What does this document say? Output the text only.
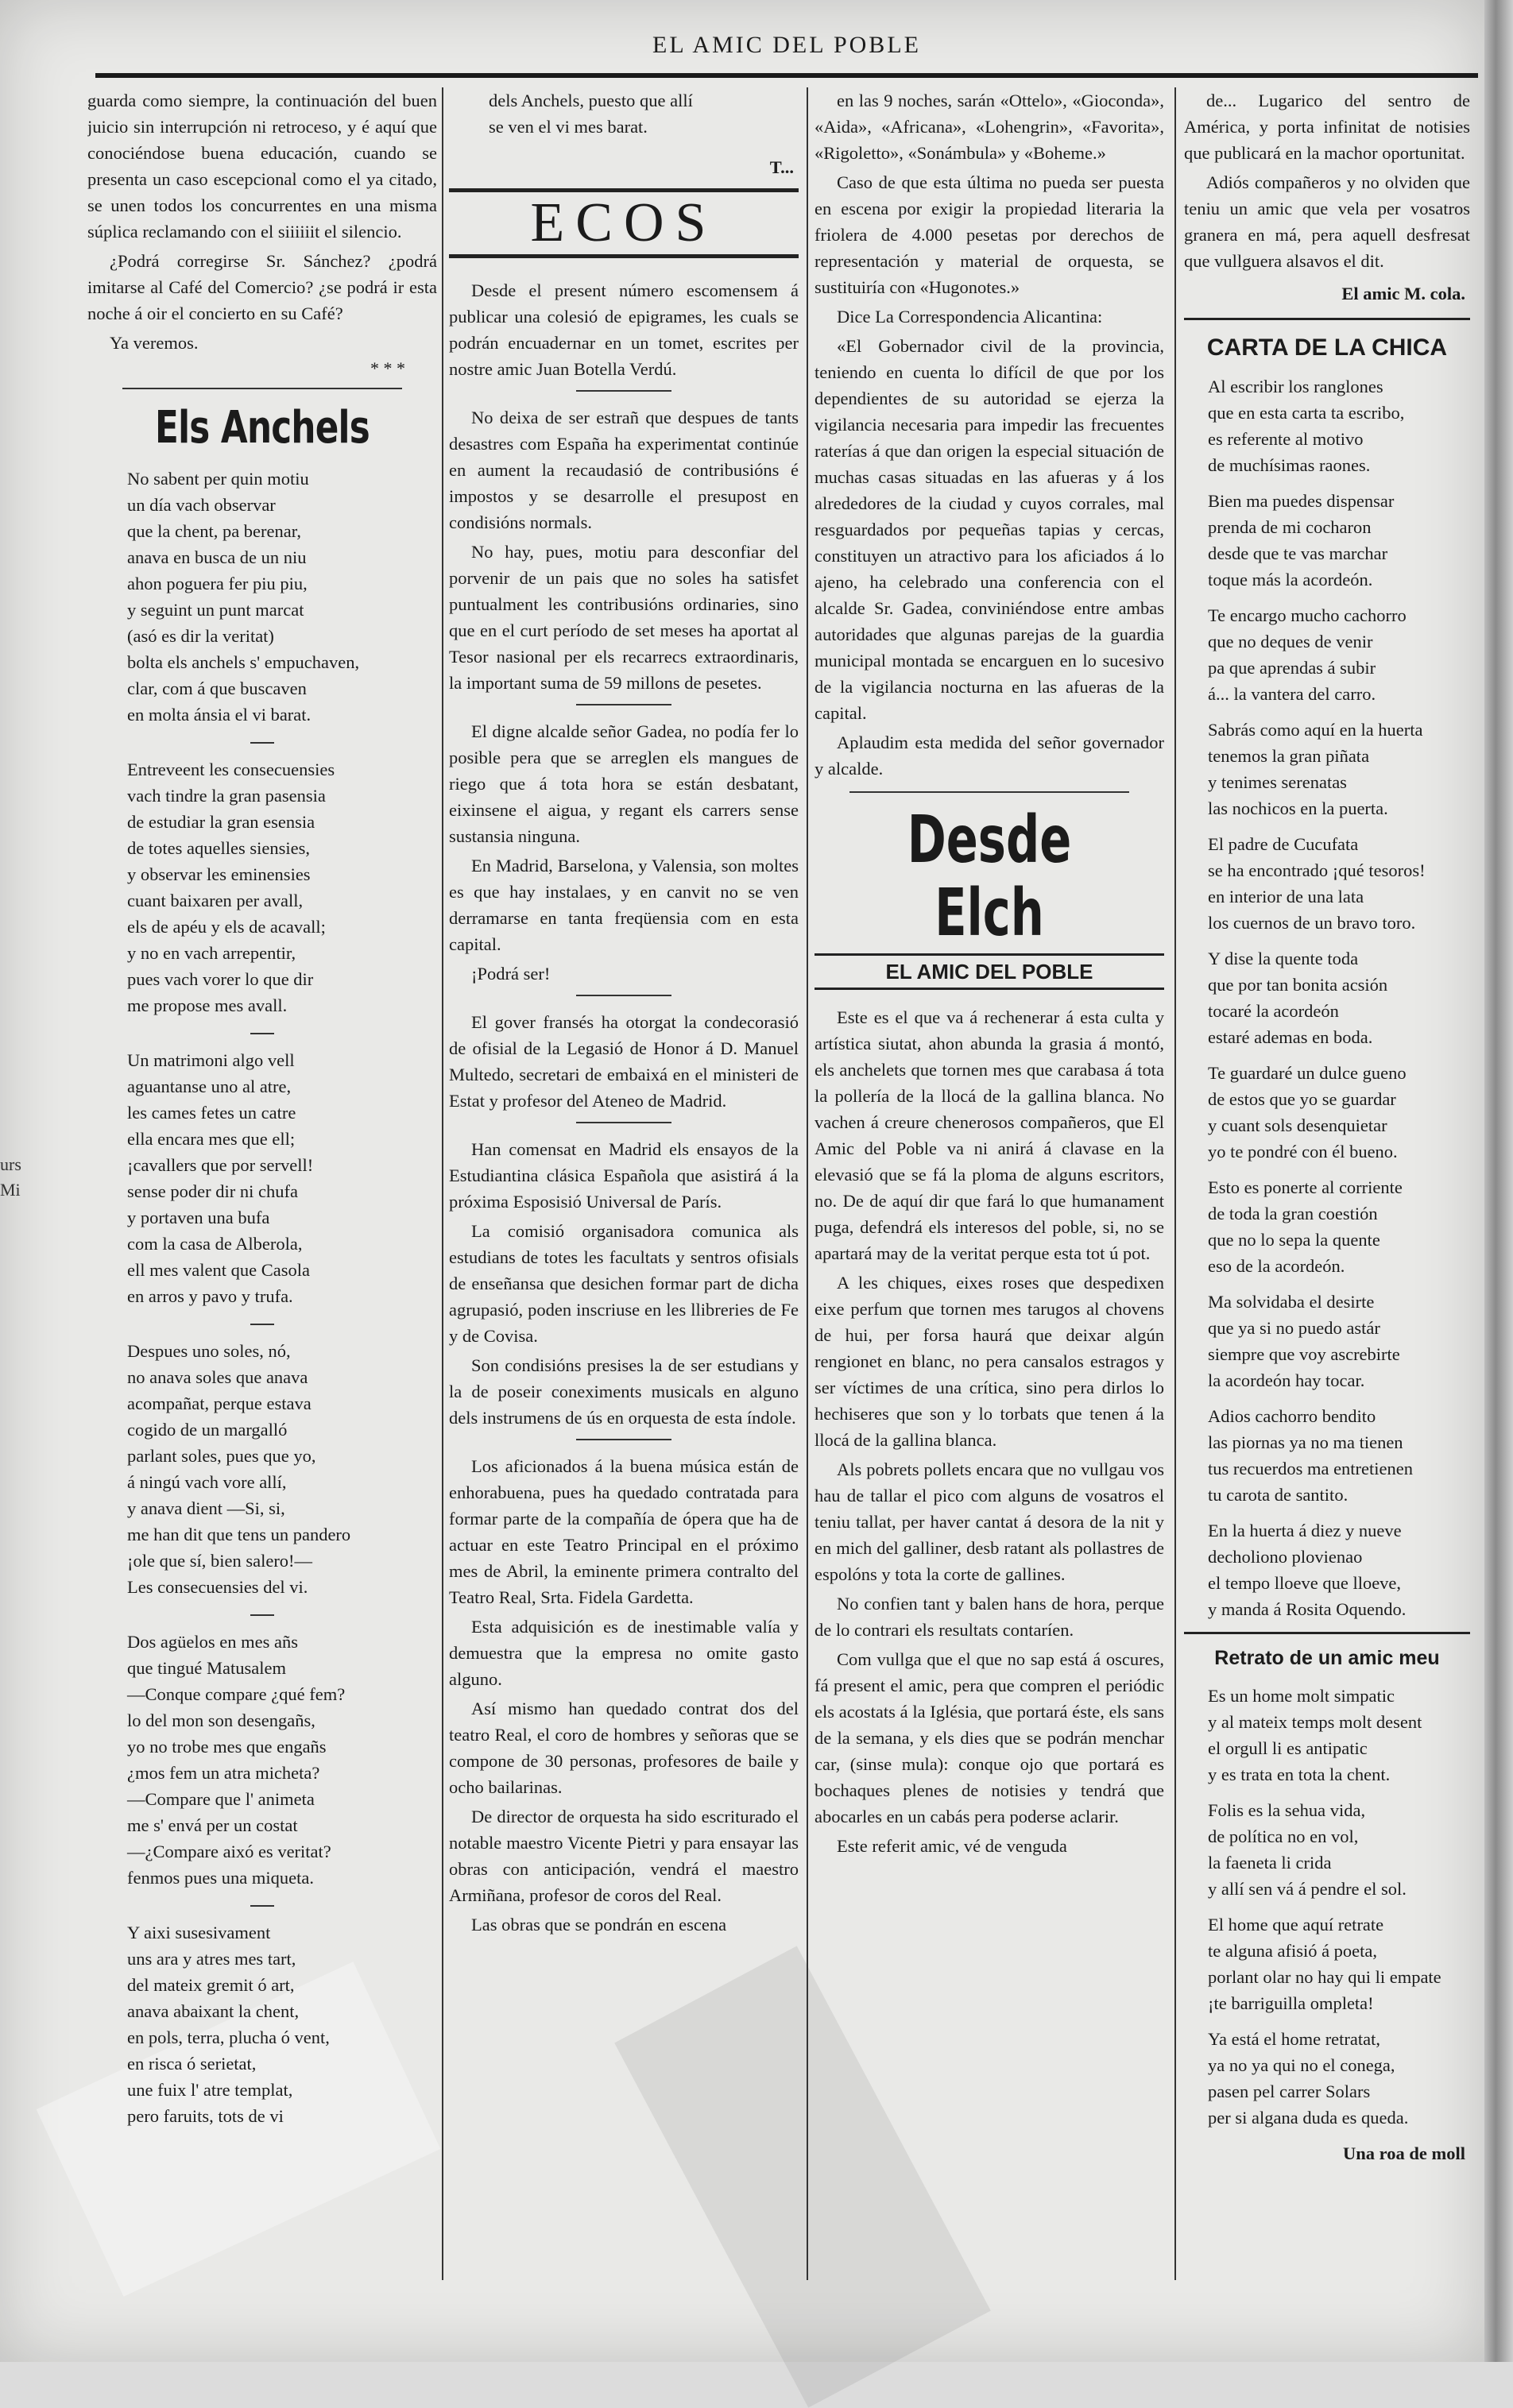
urs
Mi
EL AMIC DEL POBLE

guarda como siempre, la continuación del buen juicio sin interrupción ni retroceso, y é aquí que conociéndose buena educación, cuando se presenta un caso escepcional como el ya citado, se unen todos los concurrentes en una misma súplica reclamando con el siiiiiit el silencio.

¿Podrá corregirse Sr. Sánchez? ¿podrá imitarse al Café del Comercio? ¿se podrá ir esta noche á oir el concierto en su Café?

Ya veremos.

* * *
Els Anchels
No sabent per quin motiu
un día vach observar
que la chent, pa berenar,
anava en busca de un niu
ahon poguera fer piu piu,
y seguint un punt marcat
(asó es dir la veritat)
bolta els anchels s' empuchaven,
clar, com á que buscaven
en molta ánsia el vi barat.
Entreveent les consecuensies
vach tindre la gran pasensia
de estudiar la gran esensia
de totes aquelles siensies,
y observar les eminensies
cuant baixaren per avall,
els de apéu y els de acavall;
y no en vach arrepentir,
pues vach vorer lo que dir
me propose mes avall.
Un matrimoni algo vell
aguantanse uno al atre,
les cames fetes un catre
ella encara mes que ell;
¡cavallers que por servell!
sense poder dir ni chufa
y portaven una bufa
com la casa de Alberola,
ell mes valent que Casola
en arros y pavo y trufa.
Despues uno soles, nó,
no anava soles que anava
acompañat, perque estava
cogido de un margalló
parlant soles, pues que yo,
á ningú vach vore allí,
y anava dient —Si, si,
me han dit que tens un pandero
¡ole que sí, bien salero!—
Les consecuensies del vi.
Dos agüelos en mes añs
que tingué Matusalem
—Conque compare ¿qué fem?
lo del mon son desengañs,
yo no trobe mes que engañs
¿mos fem un atra micheta?
—Compare que l' animeta
me s' envá per un costat
—¿Compare aixó es veritat?
fenmos pues una miqueta.
Y aixi susesivament
uns ara y atres mes tart,
del mateix gremit ó art,
anava abaixant la chent,
en pols, terra, plucha ó vent,
en risca ó serietat,
une fuix l' atre templat,
pero faruits, tots de vi
dels Anchels, puesto que allí
se ven el vi mes barat.
T...
ECOS

Desde el present número escomensem á publicar una colesió de epigrames, les cuals se podrán encuadernar en un tomet, escrites per nostre amic Juan Botella Verdú.

No deixa de ser estrañ que despues de tants desastres com España ha experimentat continúe en aument la recaudasió de contribusións é impostos y se desarrolle el presupost en condisións normals.

No hay, pues, motiu para desconfiar del porvenir de un pais que no soles ha satisfet puntualment les contribusións ordinaries, sino que en el curt período de set meses ha aportat al Tesor nasional per els recarrecs extraordinaris, la important suma de 59 millons de pesetes.

El digne alcalde señor Gadea, no podía fer lo posible pera que se arreglen els mangues de riego que á tota hora se están desbatant, eixinsene el aigua, y regant els carrers sense sustansia ninguna.

En Madrid, Barselona, y Valensia, son moltes es que hay instalaes, y en canvit no se ven derramarse en tanta freqüensia com en esta capital.

¡Podrá ser!

El gover fransés ha otorgat la condecorasió de ofisial de la Legasió de Honor á D. Manuel Multedo, secretari de embaixá en el ministeri de Estat y profesor del Ateneo de Madrid.

Han comensat en Madrid els ensayos de la Estudiantina clásica Española que asistirá á la próxima Esposisió Universal de París.

La comisió organisadora comunica als estudians de totes les facultats y sentros ofisials de enseñansa que desichen formar part de dicha agrupasió, poden inscriuse en les llibreries de Fe y de Covisa.

Son condisións presises la de ser estudians y la de poseir coneximents musicals en alguno dels instrumens de ús en orquesta de esta índole.

Los aficionados á la buena música están de enhorabuena, pues ha quedado contratada para formar parte de la compañía de ópera que ha de actuar en este Teatro Principal en el próximo mes de Abril, la eminente primera contralto del Teatro Real, Srta. Fidela Gardetta.

Esta adquisición es de inestimable valía y demuestra que la empresa no omite gasto alguno.

Así mismo han quedado contrat dos del teatro Real, el coro de hombres y señoras que se compone de 30 personas, profesores de baile y ocho bailarinas.

De director de orquesta ha sido escriturado el notable maestro Vicente Pietri y para ensayar las obras con anticipación, vendrá el maestro Armiñana, profesor de coros del Real.

Las obras que se pondrán en escena

en las 9 noches, sarán «Ottelo», «Gioconda», «Aida», «Africana», «Lohengrin», «Favorita», «Rigoletto», «Sonámbula» y «Boheme.»

Caso de que esta última no pueda ser puesta en escena por exigir la propiedad literaria la friolera de 4.000 pesetas por derechos de representación y material de orquesta, se sustituiría con «Hugonotes.»

Dice La Correspondencia Alicantina:

«El Gobernador civil de la provincia, teniendo en cuenta lo difícil de que por los dependientes de su autoridad se ejerza la vigilancia necesaria para impedir las frecuentes raterías á que dan origen la especial situación de muchas casas situadas en las afueras y á los alrededores de la ciudad y cuyos corrales, mal resguardados por pequeñas tapias y cercas, constituyen un atractivo para los aficiados á lo ajeno, ha celebrado una conferencia con el alcalde Sr. Gadea, conviniéndose entre ambas autoridades que algunas parejas de la guardia municipal montada se encarguen en lo sucesivo de la vigilancia nocturna en las afueras de la capital.

Aplaudim esta medida del señor governador y alcalde.

Desde Elch
EL AMIC DEL POBLE

Este es el que va á rechenerar á esta culta y artística siutat, ahon abunda la grasia á montó, els anchelets que tornen mes que carabasa á tota la pollería de la llocá de la gallina blanca. No vachen á creure chenerosos compañeros, que El Amic del Poble va ni anirá á clavase en la elevasió que se fá la ploma de alguns escritors, no. De de aquí dir que fará lo que humanament puga, defendrá els interesos del poble, si, no se apartará may de la veritat perque esta tot ú pot.

A les chiques, eixes roses que despedixen eixe perfum que tornen mes tarugos al chovens de hui, per forsa haurá que deixar algún rengionet en blanc, no pera cansalos estragos y ser víctimes de una crítica, sino pera dirlos lo hechiseres que son y lo torbats que tenen á la llocá de la gallina blanca.

Als pobrets pollets encara que no vullgau vos hau de tallar el pico com alguns de vosatros el teniu tallat, per haver cantat á desora de la nit y en mich del galliner, desb ratant als pollastres de espolóns y tota la corte de gallines.

No confien tant y balen hans de hora, perque de lo contrari els resultats contaríen.

Com vullga que el que no sap está á oscures, fá present el amic, pera que compren el periódic els acostats á la Iglésia, que portará éste, els sans de la semana, y els dies que se podrán menchar car, (sinse mula): conque ojo que portará es bochaques plenes de notisies y tendrá que abocarles en un cabás pera poderse aclarir.

Este referit amic, vé de venguda

de... Lugarico del sentro de América, y porta infinitat de notisies que publicará en la machor oportunitat.

Adiós compañeros y no olviden que teniu un amic que vela per vosatros granera en má, pera aquell desfresat que vullguera alsavos el dit.

El amic M. cola.
CARTA DE LA CHICA
Al escribir los ranglones
que en esta carta ta escribo,
es referente al motivo
de muchísimas raones.
Bien ma puedes dispensar
prenda de mi cocharon
desde que te vas marchar
toque más la acordeón.
Te encargo mucho cachorro
que no deques de venir
pa que aprendas á subir
á... la vantera del carro.
Sabrás como aquí en la huerta
tenemos la gran piñata
y tenimes serenatas
las nochicos en la puerta.
El padre de Cucufata
se ha encontrado ¡qué tesoros!
en interior de una lata
los cuernos de un bravo toro.
Y dise la quente toda
que por tan bonita acsión
tocaré la acordeón
estaré ademas en boda.
Te guardaré un dulce gueno
de estos que yo se guardar
y cuant sols desenquietar
yo te pondré con él bueno.
Esto es ponerte al corriente
de toda la gran coestión
que no lo sepa la quente
eso de la acordeón.
Ma solvidaba el desirte
que ya si no puedo astár
siempre que voy ascrebirte
la acordeón hay tocar.
Adios cachorro bendito
las piornas ya no ma tienen
tus recuerdos ma entretienen
tu carota de santito.
En la huerta á diez y nueve
decholiono plovienao
el tempo lloeve que lloeve,
y manda á Rosita Oquendo.
Retrato de un amic meu
Es un home molt simpatic
y al mateix temps molt desent
el orgull li es antipatic
y es trata en tota la chent.
Folis es la sehua vida,
de política no en vol,
la faeneta li crida
y allí sen vá á pendre el sol.
El home que aquí retrate
te alguna afisió á poeta,
porlant olar no hay qui li empate
¡te barriguilla ompleta!
Ya está el home retratat,
ya no ya qui no el conega,
pasen pel carrer Solars
per si algana duda es queda.
Una roa de moll
